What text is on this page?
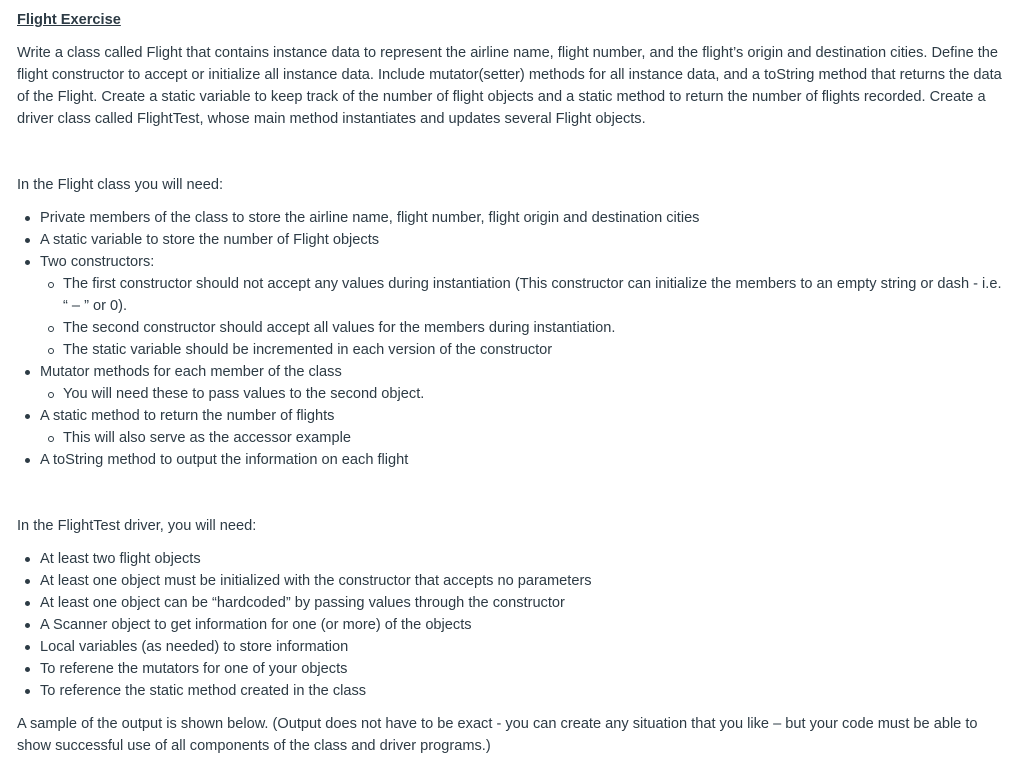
Flight Exercise

Write a class called Flight that contains instance data to represent the airline name, flight number, and the flight’s origin and destination cities. Define the flight constructor to accept or initialize all instance data. Include mutator(setter) methods for all instance data, and a toString method that returns the data of the Flight. Create a static variable to keep track of the number of flight objects and a static method to return the number of flights recorded. Create a driver class called FlightTest, whose main method instantiates and updates several Flight objects.

In the Flight class you will need:

Private members of the class to store the airline name, flight number, flight origin and destination cities
A static variable to store the number of Flight objects
Two constructors:
The first constructor should not accept any values during instantiation (This constructor can initialize the members to an empty string or dash - i.e. “ – ” or 0).
The second constructor should accept all values for the members during instantiation.
The static variable should be incremented in each version of the constructor
Mutator methods for each member of the class
You will need these to pass values to the second object.
A static method to return the number of flights
This will also serve as the accessor example
A toString method to output the information on each flight

In the FlightTest driver, you will need:

At least two flight objects
At least one object must be initialized with the constructor that accepts no parameters
At least one object can be “hardcoded” by passing values through the constructor
A Scanner object to get information for one (or more) of the objects
Local variables (as needed) to store information
To referene the mutators for one of your objects
To reference the static method created in the class

A sample of the output is shown below. (Output does not have to be exact - you can create any situation that you like – but your code must be able to show successful use of all components of the class and driver programs.)
